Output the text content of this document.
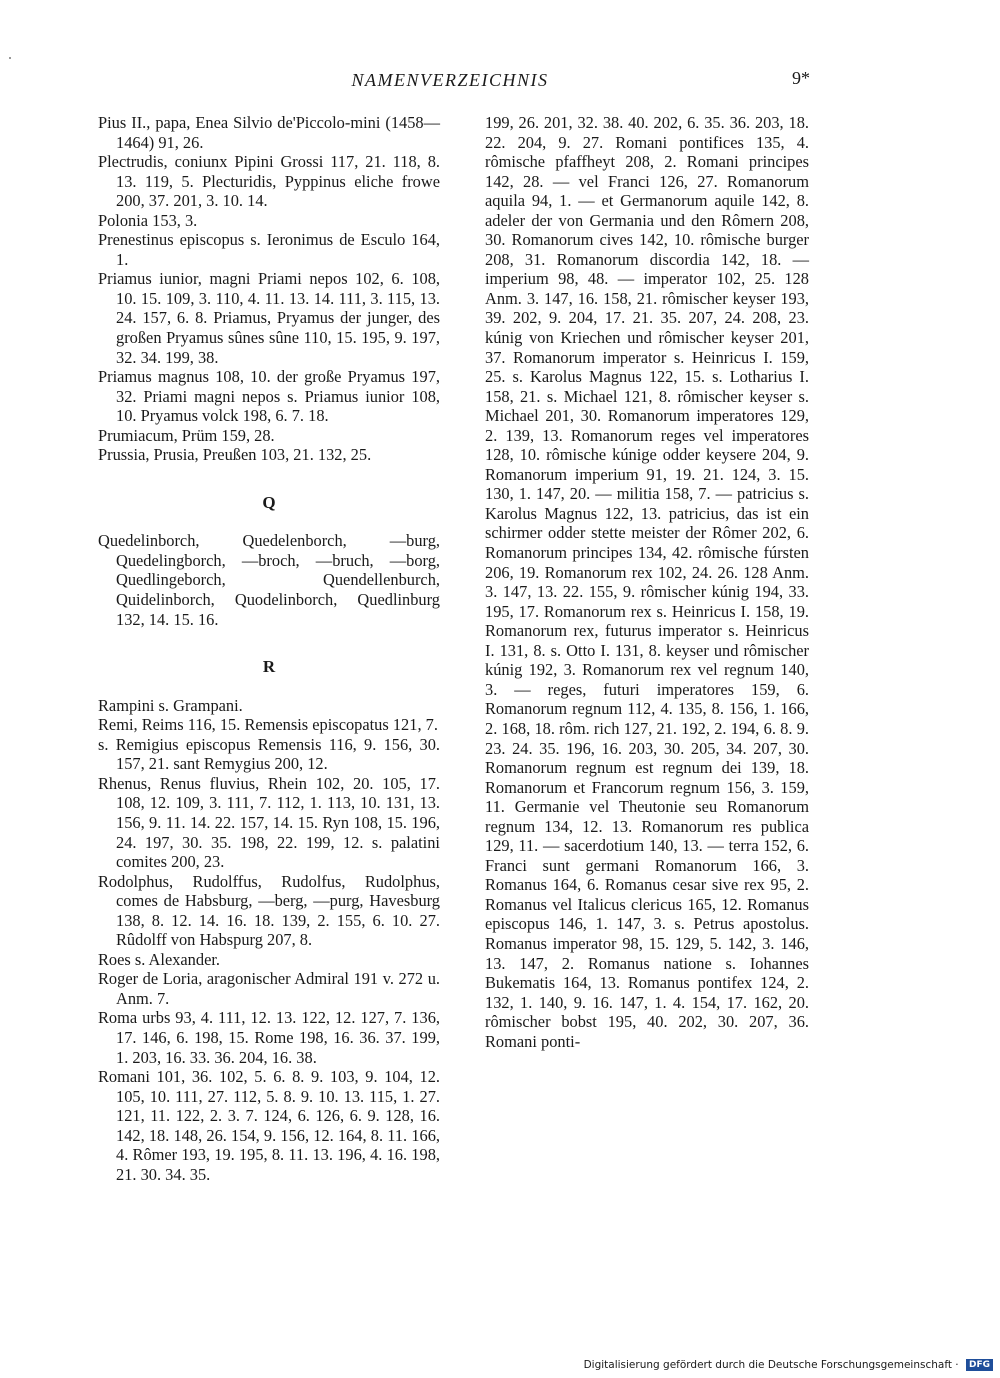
NAMENVERZEICHNIS	9*

Pius II., papa, Enea Silvio de'Piccolo-mini (1458—1464) 91, 26.

Plectrudis, coniunx Pipini Grossi 117, 21. 118, 8. 13. 119, 5. Plecturidis, Pyppinus eliche frowe 200, 37. 201, 3. 10. 14.

Polonia 153, 3.

Prenestinus episcopus s. Ieronimus de Esculo 164, 1.

Priamus iunior, magni Priami nepos 102, 6. 108, 10. 15. 109, 3. 110, 4. 11. 13. 14. 111, 3. 115, 13. 24. 157, 6. 8. Priamus, Pryamus der junger, des großen Pryamus sûnes sûne 110, 15. 195, 9. 197, 32. 34. 199, 38.

Priamus magnus 108, 10. der große Pryamus 197, 32. Priami magni nepos s. Priamus iunior 108, 10. Pryamus volck 198, 6. 7. 18.

Prumiacum, Prüm 159, 28.

Prussia, Prusia, Preußen 103, 21. 132, 25.

Q

Quedelinborch, Quedelenborch, —burg, Quedelingborch, —broch, —bruch, —borg, Quedlingeborch, Quendellenburch, Quidelinborch, Quodelinborch, Quedlinburg 132, 14. 15. 16.

R

Rampini s. Grampani.

Remi, Reims 116, 15. Remensis episcopatus 121, 7.

s. Remigius episcopus Remensis 116, 9. 156, 30. 157, 21. sant Remygius 200, 12.

Rhenus, Renus fluvius, Rhein 102, 20. 105, 17. 108, 12. 109, 3. 111, 7. 112, 1. 113, 10. 131, 13. 156, 9. 11. 14. 22. 157, 14. 15. Ryn 108, 15. 196, 24. 197, 30. 35. 198, 22. 199, 12. s. palatini comites 200, 23.

Rodolphus, Rudolffus, Rudolfus, Rudolphus, comes de Habsburg, —berg, —purg, Havesburg 138, 8. 12. 14. 16. 18. 139, 2. 155, 6. 10. 27. Rûdolff von Habspurg 207, 8.

Roes s. Alexander.

Roger de Loria, aragonischer Admiral 191 v. 272 u. Anm. 7.

Roma urbs 93, 4. 111, 12. 13. 122, 12. 127, 7. 136, 17. 146, 6. 198, 15. Rome 198, 16. 36. 37. 199, 1. 203, 16. 33. 36. 204, 16. 38.

Romani 101, 36. 102, 5. 6. 8. 9. 103, 9. 104, 12. 105, 10. 111, 27. 112, 5. 8. 9. 10. 13. 115, 1. 27. 121, 11. 122, 2. 3. 7. 124, 6. 126, 6. 9. 128, 16. 142, 18. 148, 26. 154, 9. 156, 12. 164, 8. 11. 166, 4. Rômer 193, 19. 195, 8. 11. 13. 196, 4. 16. 198, 21. 30. 34. 35.

199, 26. 201, 32. 38. 40. 202, 6. 35. 36. 203, 18. 22. 204, 9. 27. Romani pontifices 135, 4. rômische pfaffheyt 208, 2. Romani principes 142, 28. — vel Franci 126, 27. Romanorum aquila 94, 1. — et Germanorum aquile 142, 8. adeler der von Germania und den Rômern 208, 30. Romanorum cives 142, 10. rômische burger 208, 31. Romanorum discordia 142, 18. — imperium 98, 48. — imperator 102, 25. 128 Anm. 3. 147, 16. 158, 21. rômischer keyser 193, 39. 202, 9. 204, 17. 21. 35. 207, 24. 208, 23. kúnig von Kriechen und rômischer keyser 201, 37. Romanorum imperator s. Heinricus I. 159, 25. s. Karolus Magnus 122, 15. s. Lotharius I. 158, 21. s. Michael 121, 8. rômischer keyser s. Michael 201, 30. Romanorum imperatores 129, 2. 139, 13. Romanorum reges vel imperatores 128, 10. rômische kúnige odder keysere 204, 9. Romanorum imperium 91, 19. 21. 124, 3. 15. 130, 1. 147, 20. — militia 158, 7. — patricius s. Karolus Magnus 122, 13. patricius, das ist ein schirmer odder stette meister der Rômer 202, 6. Romanorum principes 134, 42. rômische fúrsten 206, 19. Romanorum rex 102, 24. 26. 128 Anm. 3. 147, 13. 22. 155, 9. rômischer kúnig 194, 33. 195, 17. Romanorum rex s. Heinricus I. 158, 19. Romanorum rex, futurus imperator s. Heinricus I. 131, 8. s. Otto I. 131, 8. keyser und rômischer kúnig 192, 3. Romanorum rex vel regnum 140, 3. — reges, futuri imperatores 159, 6. Romanorum regnum 112, 4. 135, 8. 156, 1. 166, 2. 168, 18. rôm. rich 127, 21. 192, 2. 194, 6. 8. 9. 23. 24. 35. 196, 16. 203, 30. 205, 34. 207, 30. Romanorum regnum est regnum dei 139, 18. Romanorum et Francorum regnum 156, 3. 159, 11. Germanie vel Theutonie seu Romanorum regnum 134, 12. 13. Romanorum res publica 129, 11. — sacerdotium 140, 13. — terra 152, 6. Franci sunt germani Romanorum 166, 3. Romanus 164, 6. Romanus cesar sive rex 95, 2. Romanus vel Italicus clericus 165, 12. Romanus episcopus 146, 1. 147, 3. s. Petrus apostolus. Romanus imperator 98, 15. 129, 5. 142, 3. 146, 13. 147, 2. Romanus natione s. Iohannes Bukematis 164, 13. Romanus pontifex 124, 2. 132, 1. 140, 9. 16. 147, 1. 4. 154, 17. 162, 20. rômischer bobst 195, 40. 202, 30. 207, 36. Romani ponti-

Digitalisierung gefördert durch die Deutsche Forschungsgemeinschaft · DFG
